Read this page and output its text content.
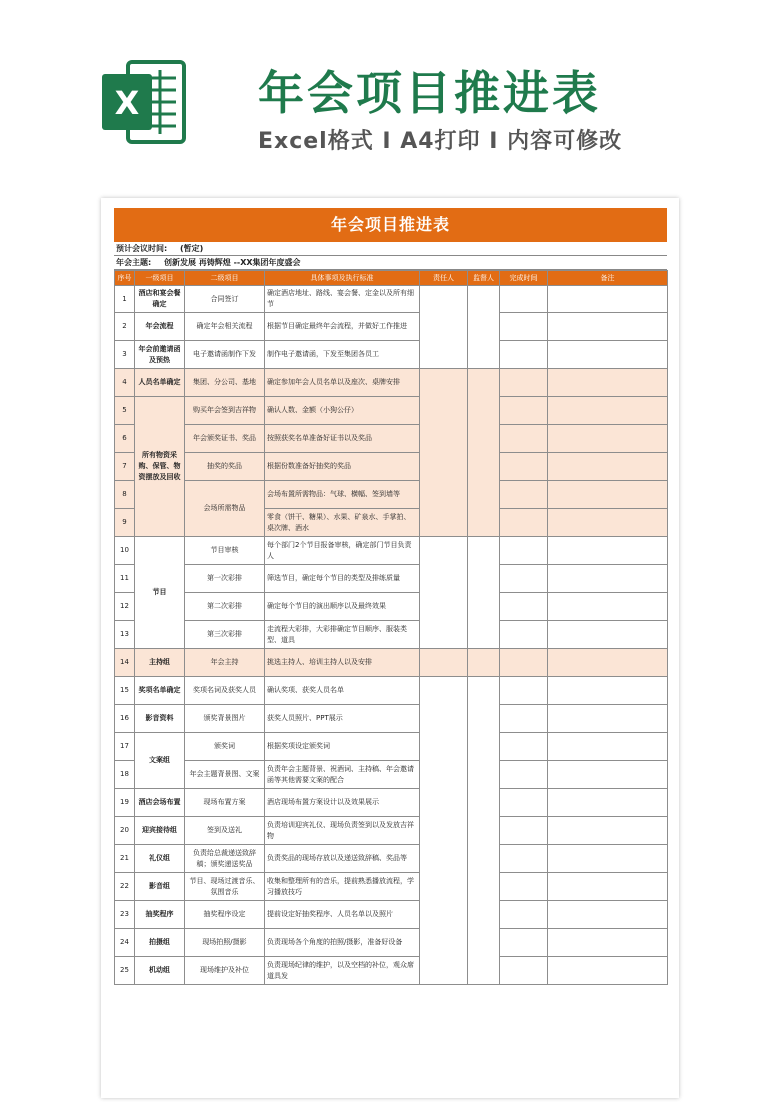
X	年会项目推进表
Excel格式 I A4打印 I 内容可修改
年会项目推进表
预计会议时间: (暂定)
年会主题: 创新发展 再铸辉煌 --XX集团年度盛会
序号	一级项目	二级项目	具体事项及执行标准	责任人	监督人	完成时间	备注
1	酒店和宴会餐确定	合同签订	确定酒店地址、路线、宴会餐、定金以及所有细节				
2	年会流程	确定年会相关流程	根据节目确定最终年会流程，并做好工作推进				
3	年会前邀请函及预热	电子邀请函制作下发	制作电子邀请函，下发至集团各员工				
4	人员名单确定	集团、分公司、基地	确定参加年会人员名单以及座次、桌牌安排				
5	所有物资采购、保管、物资摆放及回收	购买年会签到吉祥物	确认人数、金额（小狗公仔）				
6		年会颁奖证书、奖品	按照获奖名单准备好证书以及奖品				
7		抽奖的奖品	根据份数准备好抽奖的奖品				
8		会场所需物品	会场布置所需物品：气球、横幅、签到墙等				
9			零食（饼干、糖果）、水果、矿泉水、手掌拍、桌次牌、酒水				
10	节目	节目审核	每个部门2个节目报备审核，确定部门节目负责人				
11		第一次彩排	筛选节目，确定每个节目的类型及排练质量				
12		第二次彩排	确定每个节目的演出顺序以及最终效果				
13		第三次彩排	走流程大彩排，大彩排确定节目顺序、服装类型、道具				
14	主持组	年会主持	挑选主持人、培训主持人以及安排				
15	奖项名单确定	奖项名词及获奖人员	确认奖项、获奖人员名单				
16	影音资料	颁奖背景图片	获奖人员照片、PPT展示				
17	文案组	颁奖词	根据奖项设定颁奖词				
18		年会主题背景图、文案	负责年会主题背景、祝酒词、主持稿、年会邀请函等其他需要文案的配合				
19	酒店会场布置	现场布置方案	酒店现场布置方案设计以及效果展示				
20	迎宾接待组	签到及送礼	负责培训迎宾礼仪、现场负责签到以及发放吉祥物				
21	礼仪组	负责给总裁递送致辞稿；颁奖递送奖品	负责奖品的现场存放以及递送致辞稿、奖品等				
22	影音组	节目、现场过渡音乐、氛围音乐	收集和整理所有的音乐，提前熟悉播放流程，学习播放技巧				
23	抽奖程序	抽奖程序设定	提前设定好抽奖程序、人员名单以及照片				
24	拍摄组	现场拍照/摄影	负责现场各个角度的拍照/摄影，准备好设备				
25	机动组	现场维护及补位	负责现场纪律的维护，以及空档的补位，观众席道具发				
